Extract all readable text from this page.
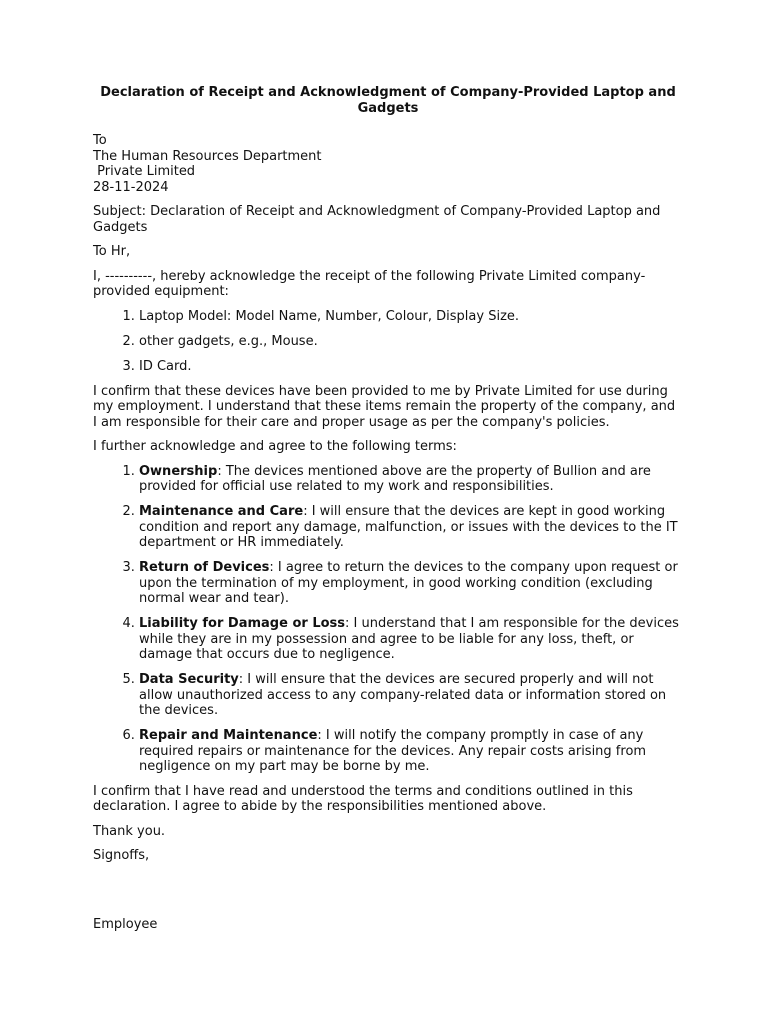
Declaration of Receipt and Acknowledgment of Company-Provided Laptop and Gadgets
To
The Human Resources Department
Private Limited
28-11-2024

Subject: Declaration of Receipt and Acknowledgment of Company-Provided Laptop and Gadgets

To Hr,

I, ----------, hereby acknowledge the receipt of the following Private Limited company-provided equipment:

1. Laptop Model: Model Name, Number, Colour, Display Size.
2. other gadgets, e.g., Mouse.
3. ID Card.

I confirm that these devices have been provided to me by Private Limited for use during my employment. I understand that these items remain the property of the company, and I am responsible for their care and proper usage as per the company's policies.

I further acknowledge and agree to the following terms:

1. Ownership: The devices mentioned above are the property of Bullion and are provided for official use related to my work and responsibilities.
2. Maintenance and Care: I will ensure that the devices are kept in good working condition and report any damage, malfunction, or issues with the devices to the IT department or HR immediately.
3. Return of Devices: I agree to return the devices to the company upon request or upon the termination of my employment, in good working condition (excluding normal wear and tear).
4. Liability for Damage or Loss: I understand that I am responsible for the devices while they are in my possession and agree to be liable for any loss, theft, or damage that occurs due to negligence.
5. Data Security: I will ensure that the devices are secured properly and will not allow unauthorized access to any company-related data or information stored on the devices.
6. Repair and Maintenance: I will notify the company promptly in case of any required repairs or maintenance for the devices. Any repair costs arising from negligence on my part may be borne by me.

I confirm that I have read and understood the terms and conditions outlined in this declaration. I agree to abide by the responsibilities mentioned above.

Thank you.

Signoffs,

Employee
